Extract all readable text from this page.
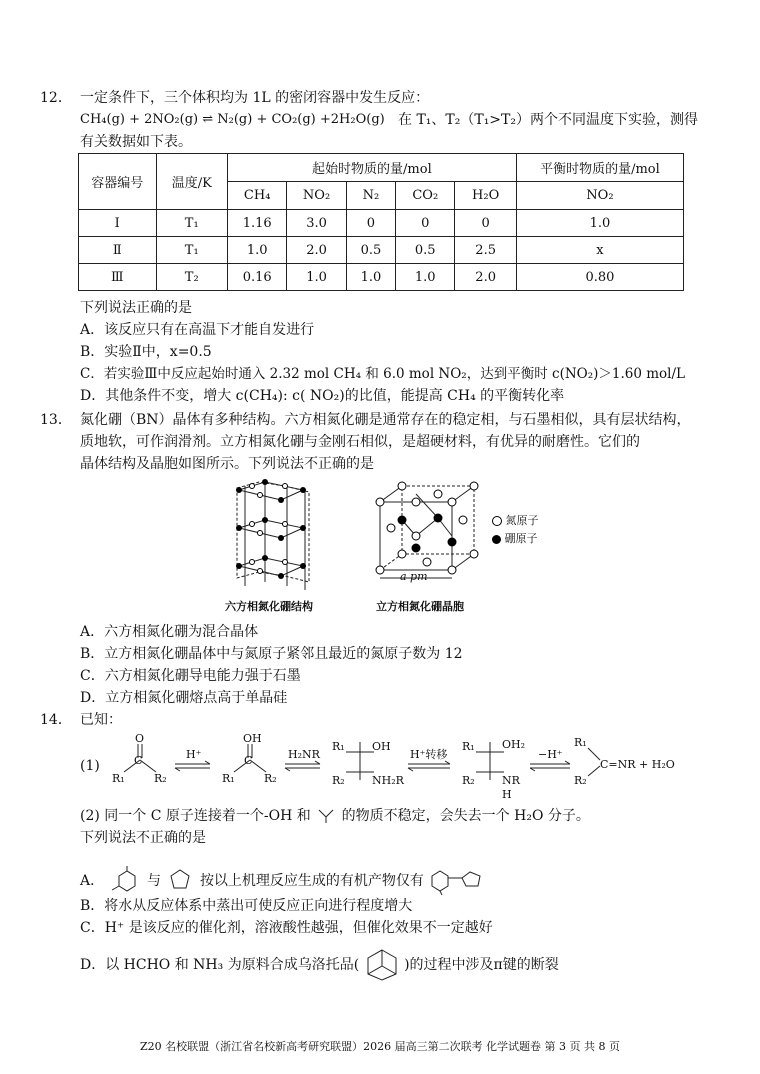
12． 一定条件下，三个体积均为 1L 的密闭容器中发生反应：
CH₄(g) + 2NO₂(g) ⇌ N₂(g) + CO₂(g) +2H₂O(g) 在 T₁、T₂（T₁>T₂）两个不同温度下实验，测得
有关数据如下表。
容器编号	温度/K	起始时物质的量/mol					平衡时物质的量/mol
		CH₄	NO₂	N₂	CO₂	H₂O	NO₂
Ⅰ	T₁	1.16	3.0	0	0	0	1.0
Ⅱ	T₁	1.0	2.0	0.5	0.5	2.5	x
Ⅲ	T₂	0.16	1.0	1.0	1.0	2.0	0.80
下列说法正确的是
A．该反应只有在高温下才能自发进行
B．实验Ⅱ中，x=0.5
C．若实验Ⅲ中反应起始时通入 2.32 mol CH₄ 和 6.0 mol NO₂，达到平衡时 c(NO₂)＞1.60 mol/L
D．其他条件不变，增大 c(CH₄): c( NO₂)的比值，能提高 CH₄ 的平衡转化率
13． 氮化硼（BN）晶体有多种结构。六方相氮化硼是通常存在的稳定相，与石墨相似，具有层状结构，
质地软，可作润滑剂。立方相氮化硼与金刚石相似，是超硬材料，有优异的耐磨性。它们的
晶体结构及晶胞如图所示。下列说法不正确的是
六方相氮化硼结构
氮原子
硼原子
a pm
立方相氮化硼晶胞
A．六方相氮化硼为混合晶体
B．立方相氮化硼晶体中与氮原子紧邻且最近的氮原子数为 12
C．六方相氮化硼导电能力强于石墨
D．立方相氮化硼熔点高于单晶硅
14． 已知：
(1)
O
C
R₁	R₂
H⁺
OH
C
R₁	R₂
H₂NR
R₁ OH
R₂ NH₂R
H⁺转移
R₁ OH₂
R₂ NR
H
−H⁺
R₁
R₂
C=NR + H₂O
(2) 同一个 C 原子连接着一个-OH 和 的物质不稳定，会失去一个 H₂O 分子。
下列说法不正确的是
A．	与	按以上机理反应生成的有机产物仅有
B．将水从反应体系中蒸出可使反应正向进行程度增大
C．H⁺ 是该反应的催化剂，溶液酸性越强，但催化效果不一定越好
D．以 HCHO 和 NH₃ 为原料合成乌洛托品(	)的过程中涉及π键的断裂
Z20 名校联盟（浙江省名校新高考研究联盟）2026 届高三第二次联考 化学试题卷 第 3 页 共 8 页
